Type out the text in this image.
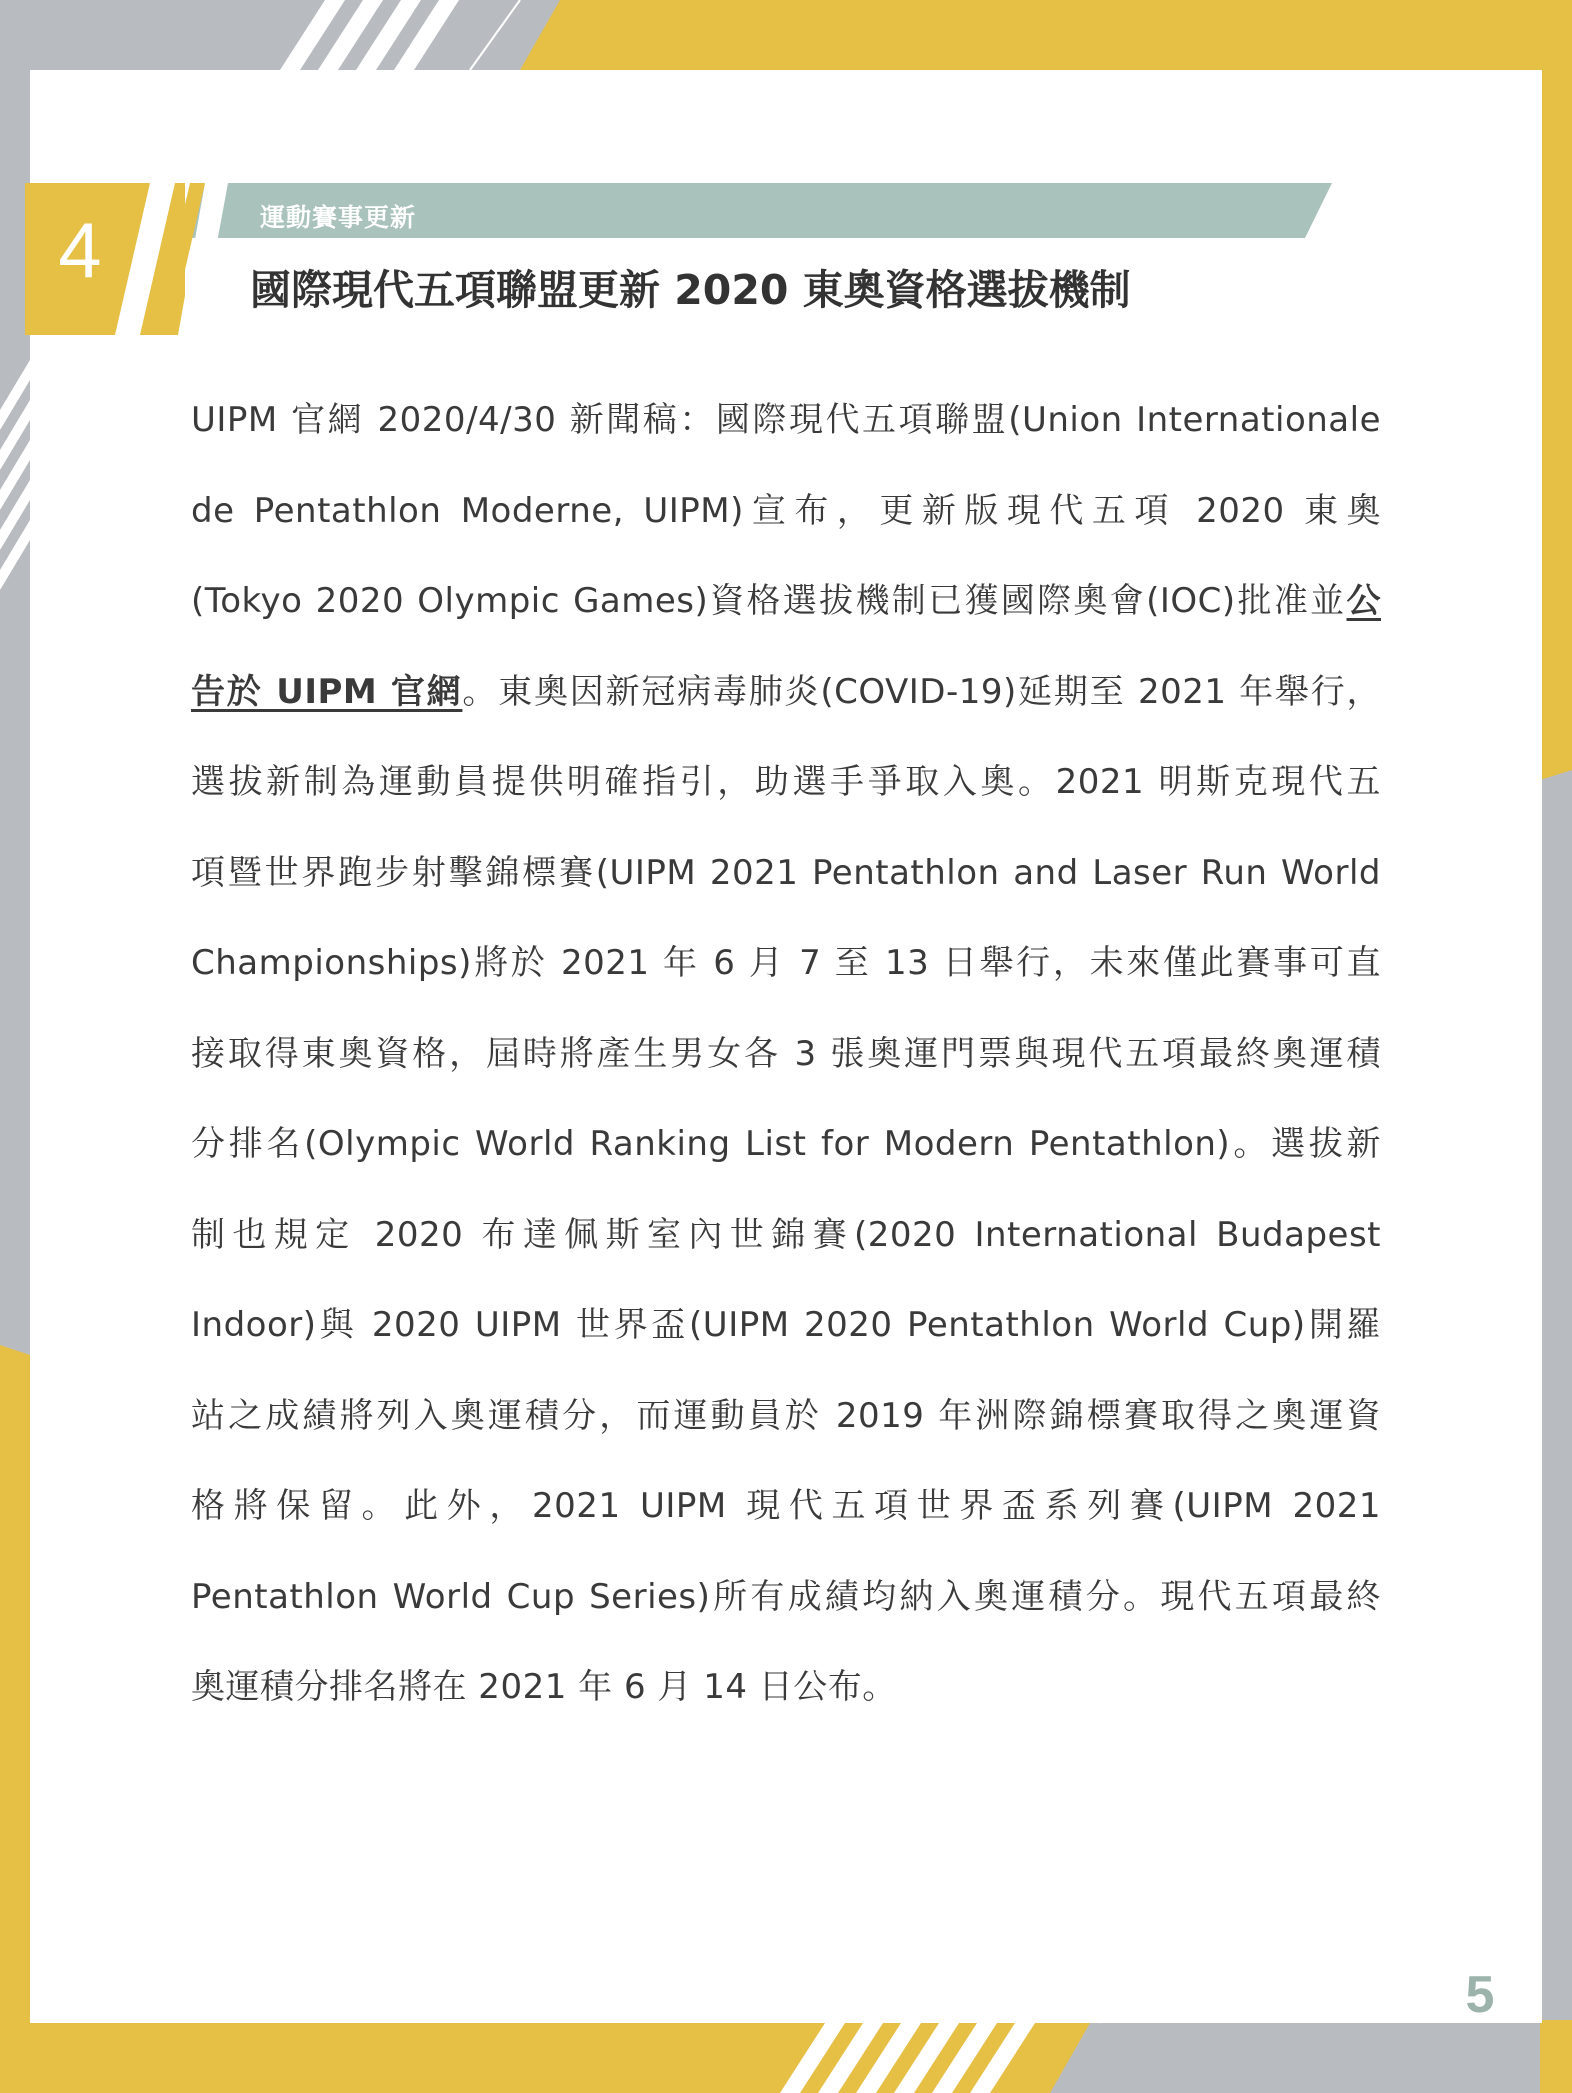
4	運動賽事更新
國際現代五項聯盟更新 2020 東奧資格選拔機制
UIPM 官網 2020/4/30 新聞稿：國際現代五項聯盟(Union Internationale
de Pentathlon Moderne, UIPM)宣布，更新版現代五項 2020 東奧
(Tokyo 2020 Olympic Games)資格選拔機制已獲國際奧會(IOC)批准並公
告於 UIPM 官網。東奧因新冠病毒肺炎(COVID-19)延期至 2021 年舉行，
選拔新制為運動員提供明確指引，助選手爭取入奧。2021 明斯克現代五
項暨世界跑步射擊錦標賽(UIPM 2021 Pentathlon and Laser Run World
Championships)將於 2021 年 6 月 7 至 13 日舉行，未來僅此賽事可直
接取得東奧資格，屆時將產生男女各 3 張奧運門票與現代五項最終奧運積
分排名(Olympic World Ranking List for Modern Pentathlon)。選拔新
制也規定 2020 布達佩斯室內世錦賽(2020 International Budapest
Indoor)與 2020 UIPM 世界盃(UIPM 2020 Pentathlon World Cup)開羅
站之成績將列入奧運積分，而運動員於 2019 年洲際錦標賽取得之奧運資
格將保留。此外，2021 UIPM 現代五項世界盃系列賽(UIPM 2021
Pentathlon World Cup Series)所有成績均納入奧運積分。現代五項最終
奧運積分排名將在 2021 年 6 月 14 日公布。
5
